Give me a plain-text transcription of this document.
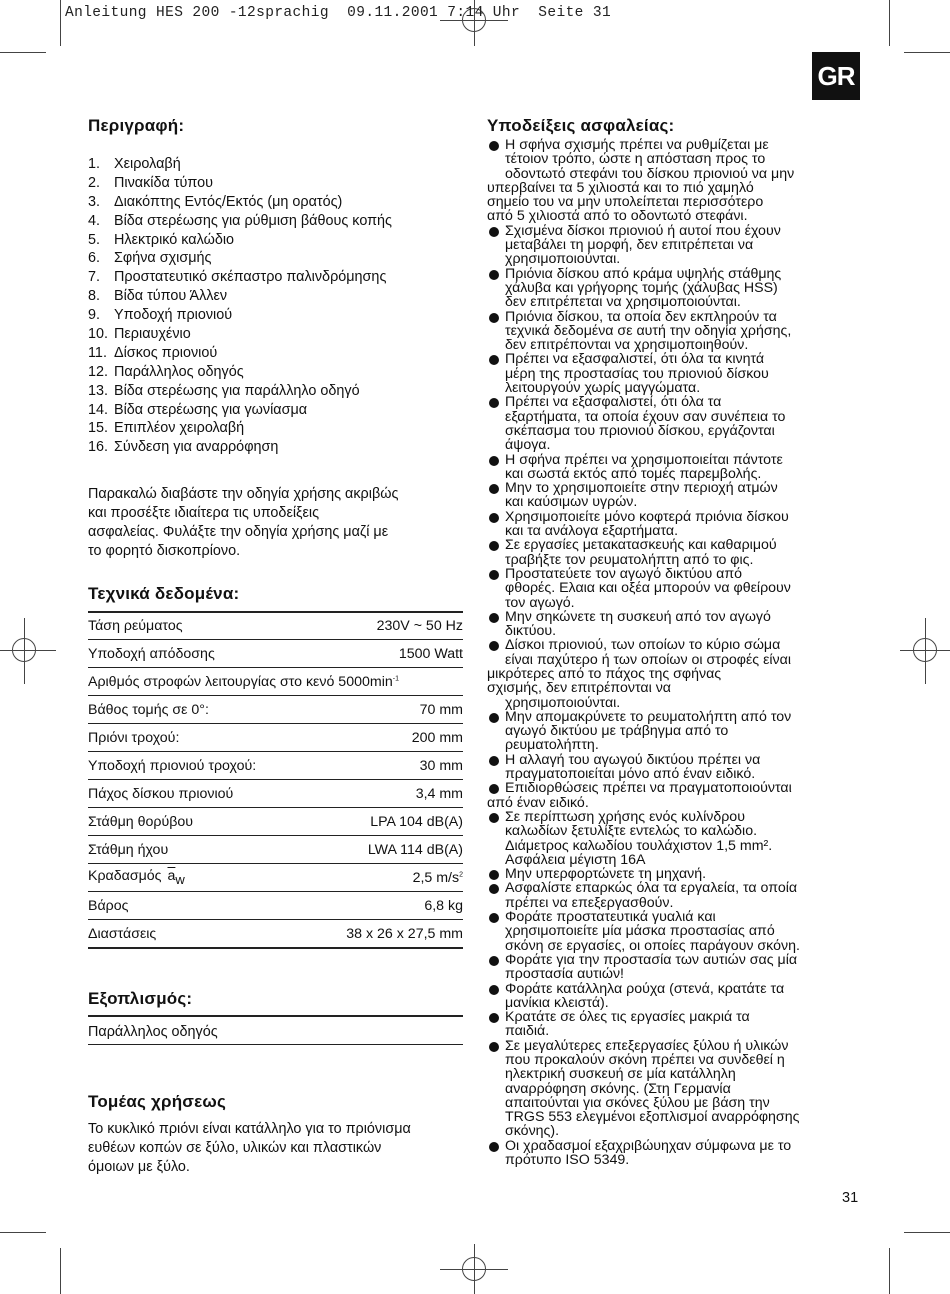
Anleitung HES 200 -12sprachig  09.11.2001 7:14 Uhr  Seite 31
GR
Περιγραφή:
1. Χειρολαβή
2. Πινακίδα τύπου
3. Διακόπτης Εντός/Εκτός (μη ορατός)
4. Βίδα στερέωσης για ρύθμιση βάθους κοπής
5. Ηλεκτρικό καλώδιο
6. Σφήνα σχισμής
7. Προστατευτικό σκέπαστρο παλινδρόμησης
8. Βίδα τύπου Άλλεν
9. Υποδοχή πριονιού
10. Περιαυχένιο
11. Δίσκος πριονιού
12. Παράλληλος οδηγός
13. Βίδα στερέωσης για παράλληλο οδηγό
14. Βίδα στερέωσης για γωνίασμα
15. Επιπλέον χειρολαβή
16. Σύνδεση για αναρρόφηση
Παρακαλώ διαβάστε την οδηγία χρήσης ακριβώς
και προσέξτε ιδιαίτερα τις υποδείξεις
ασφαλείας. Φυλάξτε την οδηγία χρήσης μαζί με
το φορητό δισκοπρίονο.
Τεχνικά δεδομένα:
Τάση ρεύματος	230V ~ 50 Hz
Υποδοχή απόδοσης	1500 Watt
Αριθμός στροφών λειτουργίας στο κενό $5000\min^{-1}$
Βάθος τομής σε 0°:	70 mm
Πριόνι τροχού:	200 mm
Υποδοχή πριονιού τροχού:	30 mm
Πάχος δίσκου πριονιού	3,4 mm
Στάθμη θορύβου	LPA 104 dB(A)
Στάθμη ήχου	LWA 114 dB(A)
Κραδασμός $\overline{a}_w$	2,5 $m/s^2$
Βάρος	6,8 kg
Διαστάσεις	38 x 26 x 27,5 mm
Εξοπλισμός:
Παράλληλος οδηγός
Τομέας χρήσεως
Το κυκλικό πριόνι είναι κατάλληλο για το πριόνισμα
ευθέων κοπών σε ξύλο, υλικών και πλαστικών
όμοιων με ξύλο.
Υποδείξεις ασφαλείας:
Η σφήνα σχισμής πρέπει να ρυθμίζεται με
τέτοιον τρόπο, ώστε η απόσταση προς το
οδοντωτό στεφάνι του δίσκου πριονιού να μην
υπερβαίνει τα 5 χιλιοστά και το πιό χαμηλό
σημείο του να μην υπολείπεται περισσότερο
από 5 χιλιοστά από το οδοντωτό στεφάνι.
Σχισμένα δίσκοι πριονιού ή αυτοί που έχουν
μεταβάλει τη μορφή, δεν επιτρέπεται να
χρησιμοποιούνται.
Πριόνια δίσκου από κράμα υψηλής στάθμης
χάλυβα και γρήγορης τομής (χάλυβας HSS)
δεν επιτρέπεται να χρησιμοποιούνται.
Πριόνια δίσκου, τα οποία δεν εκπληρούν τα
τεχνικά δεδομένα σε αυτή την οδηγία χρήσης,
δεν επιτρέπονται να χρησιμοποιηθούν.
Πρέπει να εξασφαλιστεί, ότι όλα τα κινητά
μέρη της προστασίας του πριονιού δίσκου
λειτουργούν χωρίς μαγγώματα.
Πρέπει να εξασφαλιστεί, ότι όλα τα
εξαρτήματα, τα οποία έχουν σαν συνέπεια το
σκέπασμα του πριονιού δίσκου, εργάζονται
άψογα.
Η σφήνα πρέπει να χρησιμοποιείται πάντοτε
και σωστά εκτός από τομές παρεμβολής.
Μην το χρησιμοποιείτε στην περιοχή ατμών
και καύσιμων υγρών.
Χρησιμοποιείτε μόνο κοφτερά πριόνια δίσκου
και τα ανάλογα εξαρτήματα.
Σε εργασίες μετακατασκευής και καθαριμού
τραβήξτε τον ρευματολήπτη από το φις.
Προστατεύετε τον αγωγό δικτύου από
φθορές. Ελαια και οξέα μπορούν να φθείρουν
τον αγωγό.
Μην σηκώνετε τη συσκευή από τον αγωγό
δικτύου.
Δίσκοι πριονιού, των οποίων το κύριο σώμα
είναι παχύτερο ή των οποίων οι στροφές είναι
μικρότερες από το πάχος της σφήνας
σχισμής, δεν επιτρέπονται να
χρησιμοποιούνται.
Μην απομακρύνετε το ρευματολήπτη από τον
αγωγό δικτύου με τράβηγμα από το
ρευματολήπτη.
Η αλλαγή του αγωγού δικτύου πρέπει να
πραγματοποιείται μόνο από έναν ειδικό.
Επιδιορθώσεις πρέπει να πραγματοποιούνται
από έναν ειδικό.
Σε περίπτωση χρήσης ενός κυλίνδρου
καλωδίων ξετυλίξτε εντελώς το καλώδιο.
Διάμετρος καλωδίου τουλάχιστον 1,5 mm².
Ασφάλεια μέγιστη 16A
Μην υπερφορτώνετε τη μηχανή.
Ασφαλίστε επαρκώς όλα τα εργαλεία, τα οποία
πρέπει να επεξεργασθούν.
Φοράτε προστατευτικά γυαλιά και
χρησιμοποιείτε μία μάσκα προστασίας από
σκόνη σε εργασίες, οι οποίες παράγουν σκόνη.
Φοράτε για την προστασία των αυτιών σας μία
προστασία αυτιών!
Φοράτε κατάλληλα ρούχα (στενά, κρατάτε τα
μανίκια κλειστά).
Κρατάτε σε όλες τις εργασίες μακριά τα
παιδιά.
Σε μεγαλύτερες επεξεργασίες ξύλου ή υλικών
που προκαλούν σκόνη πρέπει να συνδεθεί η
ηλεκτρική συσκευή σε μία κατάλληλη
αναρρόφηση σκόνης. (Στη Γερμανία
απαιτούνται για σκόνες ξύλου με βάση την
TRGS 553 ελεγμένοι εξοπλισμοί αναρρόφησης
σκόνης).
Οι χραδασμοί εξαχριβώυηχαν σύμφωνα με το
πρότυπο ISO 5349.
31
